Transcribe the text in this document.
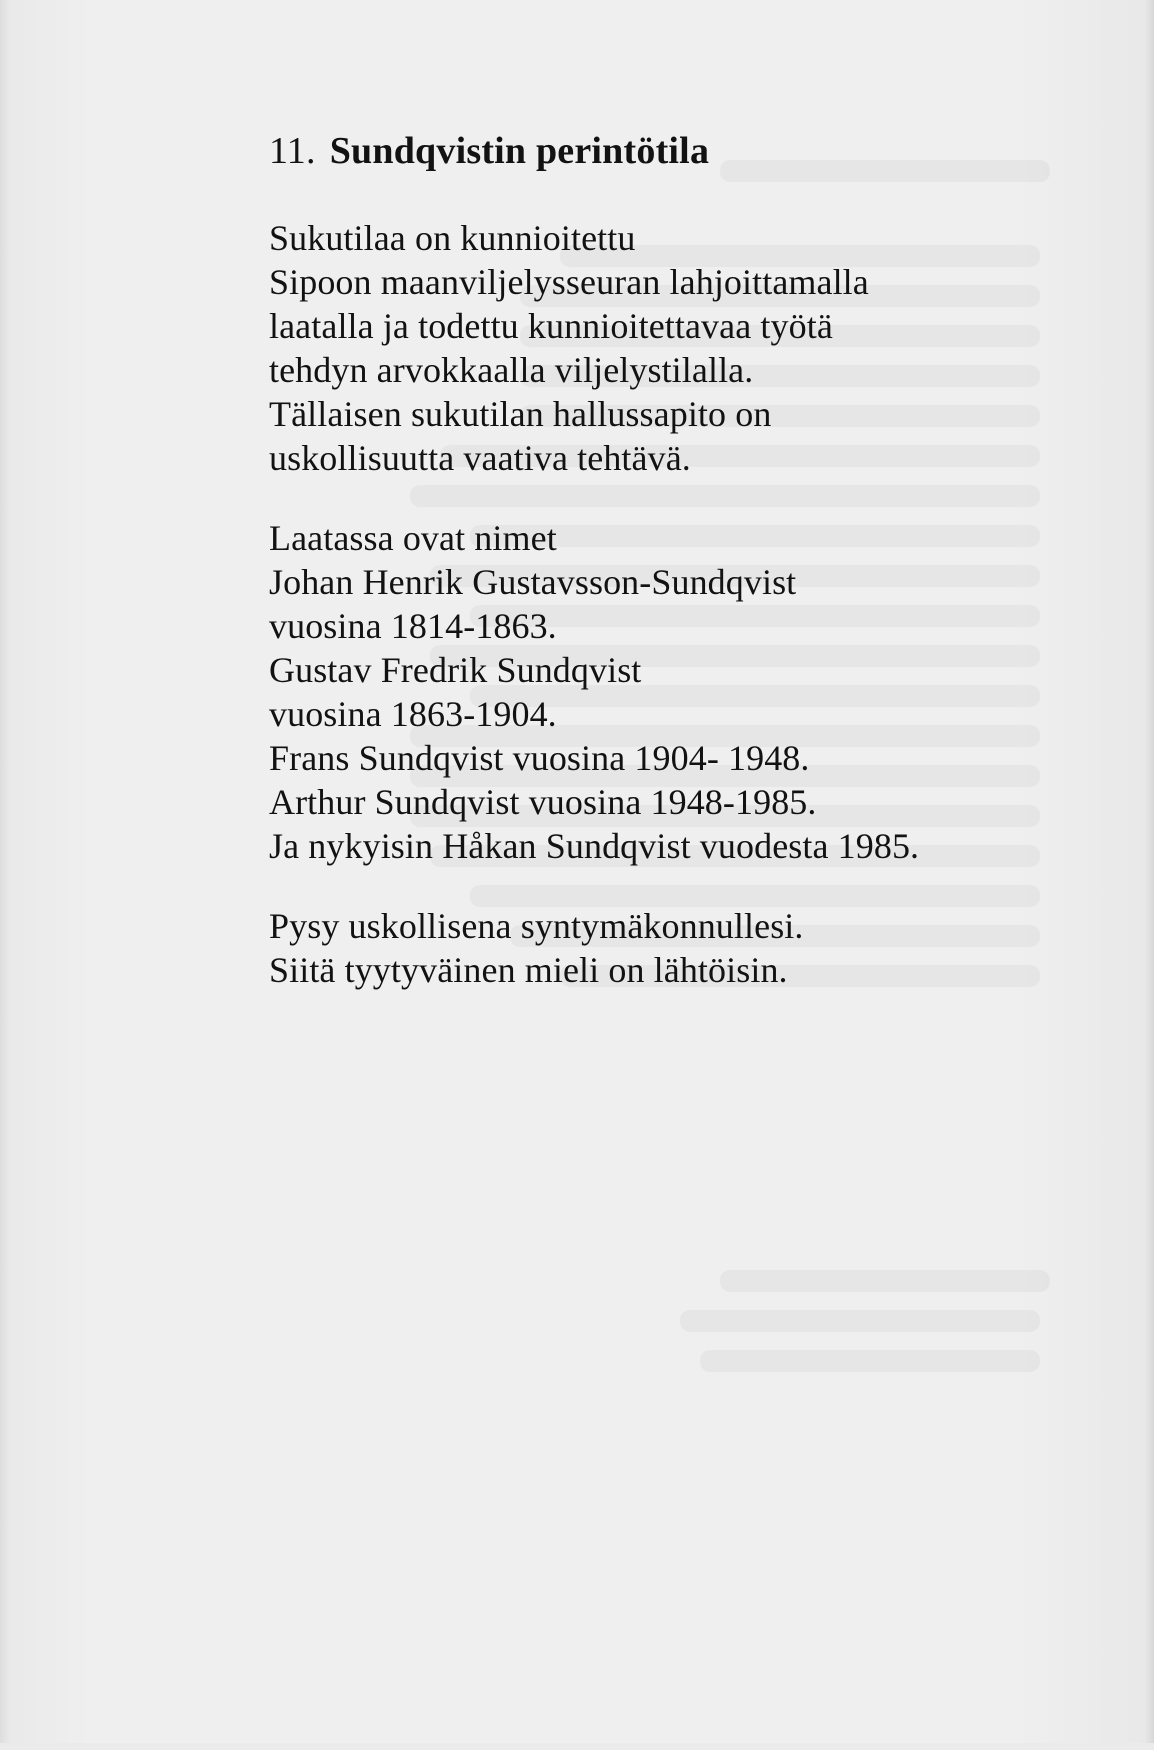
11. Sundqvistin perintötila
Sukutilaa on kunnioitettu
Sipoon maanviljelysseuran lahjoittamalla
laatalla ja todettu kunnioitettavaa työtä
tehdyn arvokkaalla viljelystilalla.
Tällaisen sukutilan hallussapito on
uskollisuutta vaativa tehtävä.
Laatassa ovat nimet
Johan Henrik Gustavsson-Sundqvist
vuosina 1814-1863.
Gustav Fredrik Sundqvist
vuosina 1863-1904.
Frans Sundqvist vuosina 1904- 1948.
Arthur Sundqvist vuosina 1948-1985.
Ja nykyisin Håkan Sundqvist vuodesta 1985.
Pysy uskollisena syntymäkonnullesi.
Siitä tyytyväinen mieli on lähtöisin.
